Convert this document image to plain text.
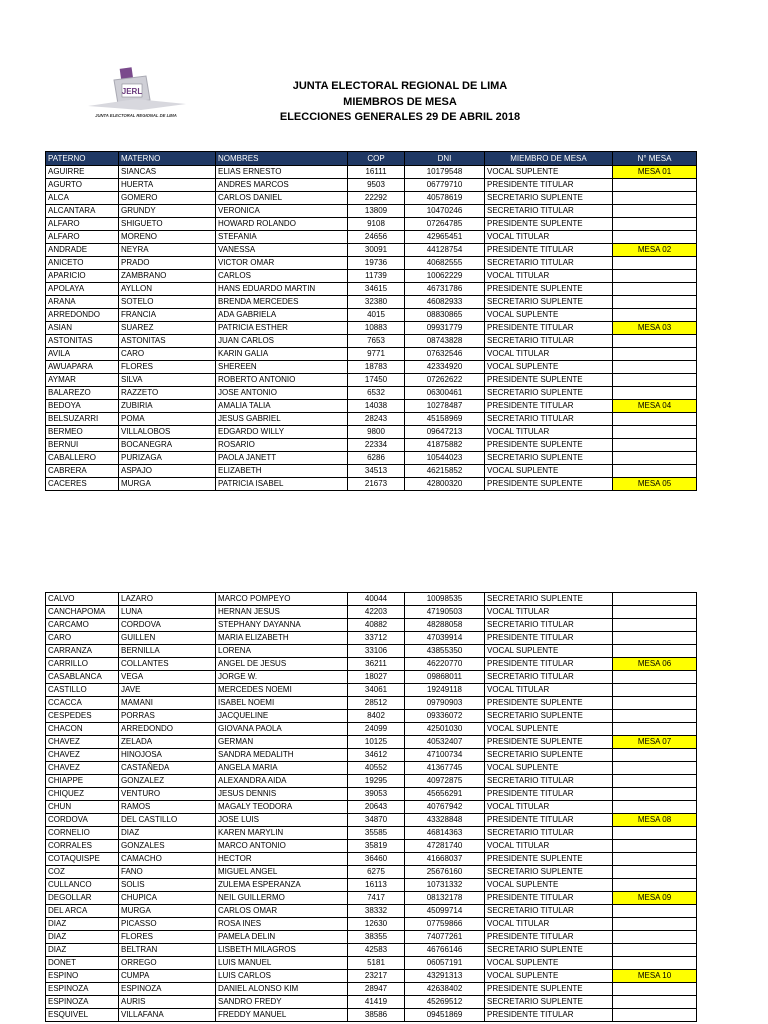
JERL
JUNTA ELECTORAL REGIONAL DE LIMA
JUNTA ELECTORAL REGIONAL DE LIMA
MIEMBROS DE MESA
ELECCIONES GENERALES 29 DE ABRIL 2018
PATERNO	MATERNO	NOMBRES	COP	DNI	MIEMBRO DE MESA	N° MESA
AGUIRRE	SIANCAS	ELIAS ERNESTO	16111	10179548	VOCAL SUPLENTE	MESA 01
AGURTO	HUERTA	ANDRES MARCOS	9503	06779710	PRESIDENTE TITULAR	
ALCA	GOMERO	CARLOS DANIEL	22292	40578619	SECRETARIO SUPLENTE	
ALCANTARA	GRUNDY	VERONICA	13809	10470246	SECRETARIO TITULAR	
ALFARO	SHIGUETO	HOWARD ROLANDO	9108	07264785	PRESIDENTE SUPLENTE	
ALFARO	MORENO	STEFANIA	24656	42965451	VOCAL TITULAR	
ANDRADE	NEYRA	VANESSA	30091	44128754	PRESIDENTE TITULAR	MESA 02
ANICETO	PRADO	VICTOR OMAR	19736	40682555	SECRETARIO TITULAR	
APARICIO	ZAMBRANO	CARLOS	11739	10062229	VOCAL TITULAR	
APOLAYA	AYLLON	HANS EDUARDO MARTIN	34615	46731786	PRESIDENTE SUPLENTE	
ARANA	SOTELO	BRENDA MERCEDES	32380	46082933	SECRETARIO SUPLENTE	
ARREDONDO	FRANCIA	ADA GABRIELA	4015	08830865	VOCAL SUPLENTE	
ASIAN	SUAREZ	PATRICIA ESTHER	10883	09931779	PRESIDENTE TITULAR	MESA 03
ASTONITAS	ASTONITAS	JUAN CARLOS	7653	08743828	SECRETARIO TITULAR	
AVILA	CARO	KARIN GALIA	9771	07632546	VOCAL TITULAR	
AWUAPARA	FLORES	SHEREEN	18783	42334920	VOCAL SUPLENTE	
AYMAR	SILVA	ROBERTO ANTONIO	17450	07262622	PRESIDENTE SUPLENTE	
BALAREZO	RAZZETO	JOSE ANTONIO	6532	06300461	SECRETARIO SUPLENTE	
BEDOYA	ZUBIRIA	AMALIA TALIA	14038	10278487	PRESIDENTE TITULAR	MESA 04
BELSUZARRI	POMA	JESUS GABRIEL	28243	45158969	SECRETARIO TITULAR	
BERMEO	VILLALOBOS	EDGARDO WILLY	9800	09647213	VOCAL TITULAR	
BERNUI	BOCANEGRA	ROSARIO	22334	41875882	PRESIDENTE SUPLENTE	
CABALLERO	PURIZAGA	PAOLA JANETT	6286	10544023	SECRETARIO SUPLENTE	
CABRERA	ASPAJO	ELIZABETH	34513	46215852	VOCAL SUPLENTE	
CACERES	MURGA	PATRICIA ISABEL	21673	42800320	PRESIDENTE SUPLENTE	MESA 05
CALVO	LAZARO	MARCO POMPEYO	40044	10098535	SECRETARIO SUPLENTE	
CANCHAPOMA	LUNA	HERNAN JESUS	42203	47190503	VOCAL TITULAR	
CARCAMO	CORDOVA	STEPHANY DAYANNA	40882	48288058	SECRETARIO TITULAR	
CARO	GUILLEN	MARIA ELIZABETH	33712	47039914	PRESIDENTE TITULAR	
CARRANZA	BERNILLA	LORENA	33106	43855350	VOCAL SUPLENTE	
CARRILLO	COLLANTES	ANGEL DE JESUS	36211	46220770	PRESIDENTE TITULAR	MESA 06
CASABLANCA	VEGA	JORGE W.	18027	09868011	SECRETARIO TITULAR	
CASTILLO	JAVE	MERCEDES NOEMI	34061	19249118	VOCAL TITULAR	
CCACCA	MAMANI	ISABEL NOEMI	28512	09790903	PRESIDENTE SUPLENTE	
CESPEDES	PORRAS	JACQUELINE	8402	09336072	SECRETARIO SUPLENTE	
CHACON	ARREDONDO	GIOVANA PAOLA	24099	42501030	VOCAL SUPLENTE	
CHAVEZ	ZELADA	GERMAN	10125	40532407	PRESIDENTE SUPLENTE	MESA 07
CHAVEZ	HINOJOSA	SANDRA MEDALITH	34612	47100734	SECRETARIO SUPLENTE	
CHAVEZ	CASTAÑEDA	ANGELA MARIA	40552	41367745	VOCAL SUPLENTE	
CHIAPPE	GONZALEZ	ALEXANDRA AIDA	19295	40972875	SECRETARIO TITULAR	
CHIQUEZ	VENTURO	JESUS DENNIS	39053	45656291	PRESIDENTE TITULAR	
CHUN	RAMOS	MAGALY TEODORA	20643	40767942	VOCAL TITULAR	
CORDOVA	DEL CASTILLO	JOSE LUIS	34870	43328848	PRESIDENTE TITULAR	MESA 08
CORNELIO	DIAZ	KAREN MARYLIN	35585	46814363	SECRETARIO TITULAR	
CORRALES	GONZALES	MARCO ANTONIO	35819	47281740	VOCAL TITULAR	
COTAQUISPE	CAMACHO	HECTOR	36460	41668037	PRESIDENTE SUPLENTE	
COZ	FANO	MIGUEL ANGEL	6275	25676160	SECRETARIO SUPLENTE	
CULLANCO	SOLIS	ZULEMA ESPERANZA	16113	10731332	VOCAL SUPLENTE	
DEGOLLAR	CHUPICA	NEIL GUILLERMO	7417	08132178	PRESIDENTE TITULAR	MESA 09
DEL ARCA	MURGA	CARLOS OMAR	38332	45099714	SECRETARIO TITULAR	
DIAZ	PICASSO	ROSA INES	12630	07759866	VOCAL TITULAR	
DIAZ	FLORES	PAMELA DELIN	38355	74077261	PRESIDENTE TITULAR	
DIAZ	BELTRAN	LISBETH MILAGROS	42583	46766146	SECRETARIO SUPLENTE	
DONET	ORREGO	LUIS MANUEL	5181	06057191	VOCAL SUPLENTE	
ESPINO	CUMPA	LUIS CARLOS	23217	43291313	VOCAL SUPLENTE	MESA 10
ESPINOZA	ESPINOZA	DANIEL ALONSO KIM	28947	42638402	PRESIDENTE SUPLENTE	
ESPINOZA	AURIS	SANDRO FREDY	41419	45269512	SECRETARIO SUPLENTE	
ESQUIVEL	VILLAFANA	FREDDY MANUEL	38586	09451869	PRESIDENTE TITULAR	
